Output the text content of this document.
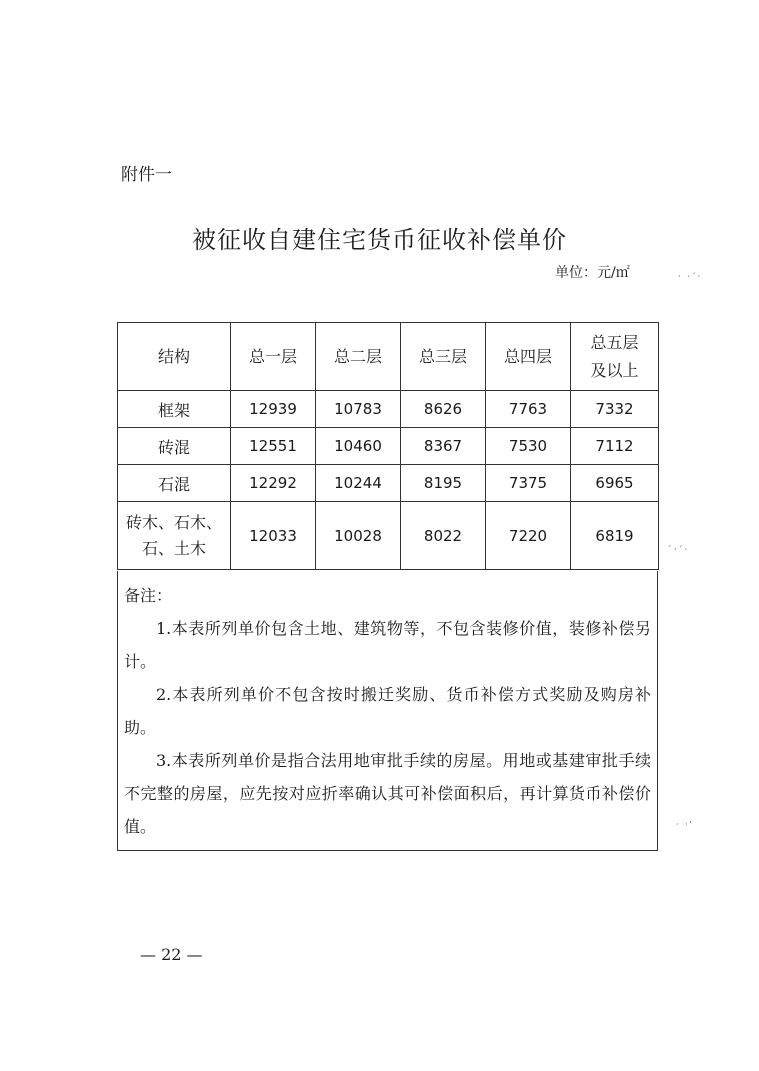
附件一
被征收自建住宅货币征收补偿单价
单位：元/㎡	· ·´·
`·´·
· ·'
结构	总一层	总二层	总三层	总四层	总五层
及以上

框架	12939	10783	8626	7763	7332
砖混	12551	10460	8367	7530	7112
石混	12292	10244	8195	7375	6965

砖木、石木、
石、土木	12033	10028	8022	7220	6819

备注：

1.本表所列单价包含土地、建筑物等，不包含装修价值，装修补偿另计。

2.本表所列单价不包含按时搬迁奖励、货币补偿方式奖励及购房补助。

3.本表所列单价是指合法用地审批手续的房屋。用地或基建审批手续不完整的房屋，应先按对应折率确认其可补偿面积后，再计算货币补偿价值。

— 22 —
